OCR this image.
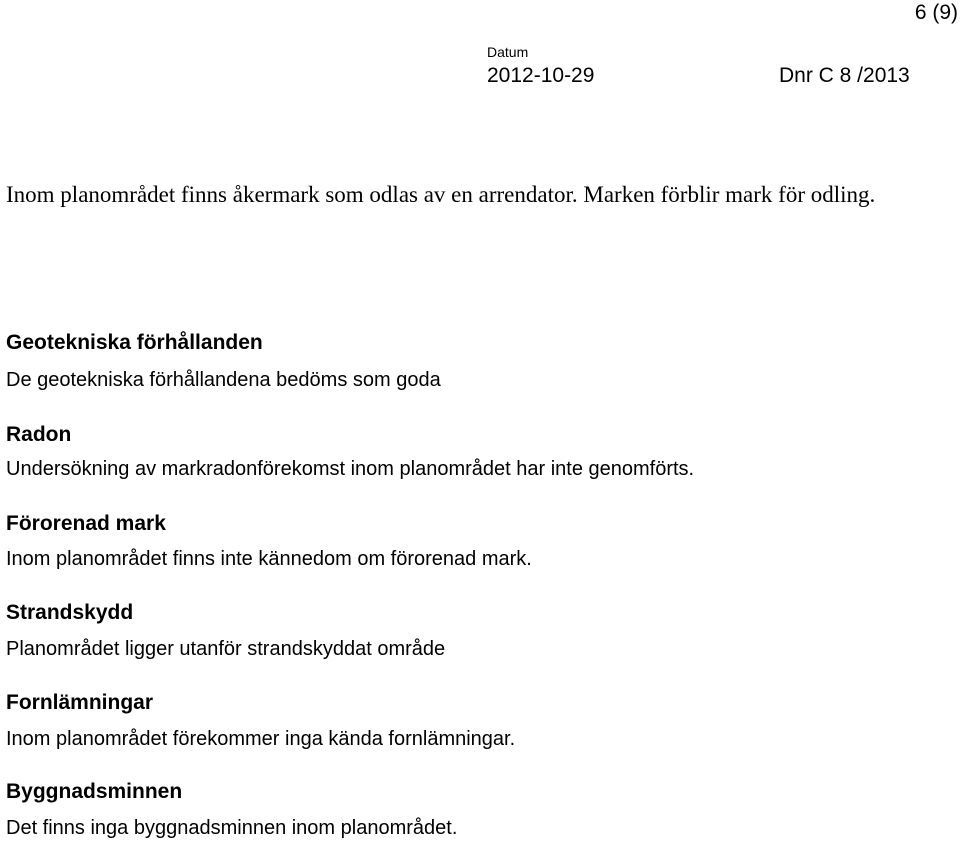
6 (9)
Datum
2012-10-29	Dnr C 8 /2013
Inom planområdet finns åkermark som odlas av en arrendator. Marken förblir mark för odling.
Geotekniska förhållanden
De geotekniska förhållandena bedöms som goda
Radon
Undersökning av markradonförekomst inom planområdet har inte genomförts.
Förorenad mark
Inom planområdet finns inte kännedom om förorenad mark.
Strandskydd
Planområdet ligger utanför strandskyddat område
Fornlämningar
Inom planområdet förekommer inga kända fornlämningar.
Byggnadsminnen
Det finns inga byggnadsminnen inom planområdet.
